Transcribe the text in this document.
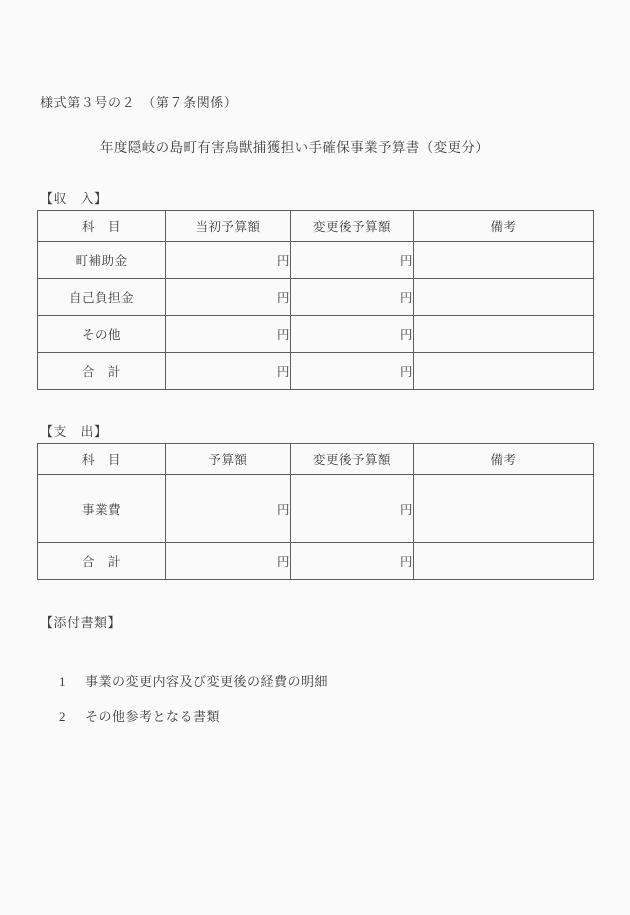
様式第３号の２　（第７条関係）
年度隠岐の島町有害鳥獣捕獲担い手確保事業予算書（変更分）
【収　入】
科　目	当初予算額	変更後予算額	備考
町補助金	円	円	
自己負担金	円	円	
その他	円	円	
合　計	円	円	
【支　出】
科　目	予算額	変更後予算額	備考
事業費	円	円	
合　計	円	円	
【添付書類】

1 事業の変更内容及び変更後の経費の明細

2 その他参考となる書類
